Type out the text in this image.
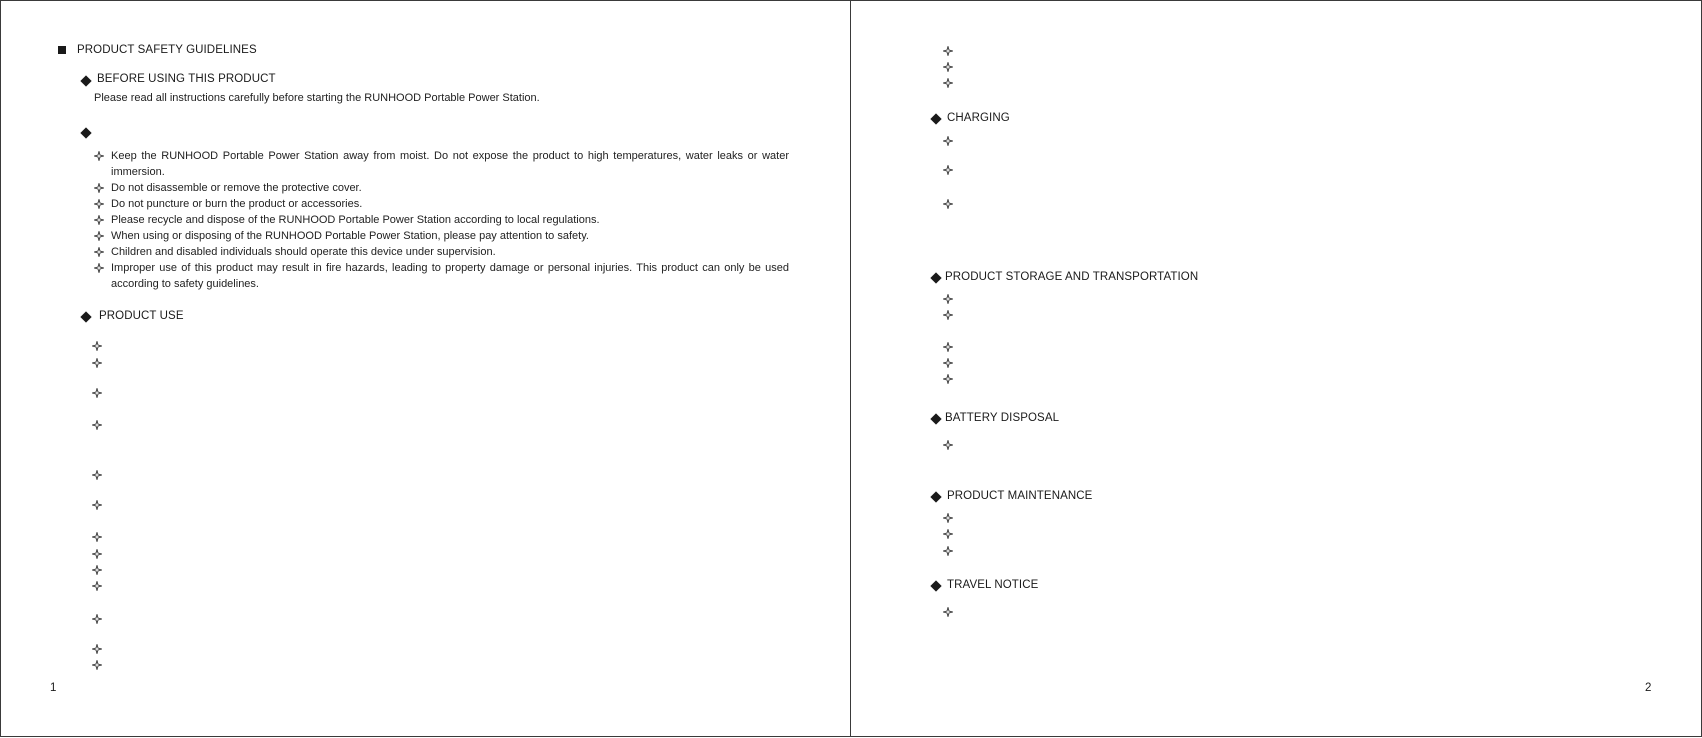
PRODUCT SAFETY GUIDELINES
BEFORE USING THIS PRODUCT
Please read all instructions carefully before starting the RUNHOOD Portable Power Station.
Keep the RUNHOOD Portable Power Station away from moist. Do not expose the product to high temperatures, water leaks or water immersion.
Do not disassemble or remove the protective cover.
Do not puncture or burn the product or accessories.
Please recycle and dispose of the RUNHOOD Portable Power Station according to local regulations.
When using or disposing of the RUNHOOD Portable Power Station, please pay attention to safety.
Children and disabled individuals should operate this device under supervision.
Improper use of this product may result in fire hazards, leading to property damage or personal injuries. This product can only be used according to safety guidelines.
PRODUCT USE
1
CHARGING
PRODUCT STORAGE AND TRANSPORTATION
BATTERY DISPOSAL
PRODUCT MAINTENANCE
TRAVEL NOTICE
2
